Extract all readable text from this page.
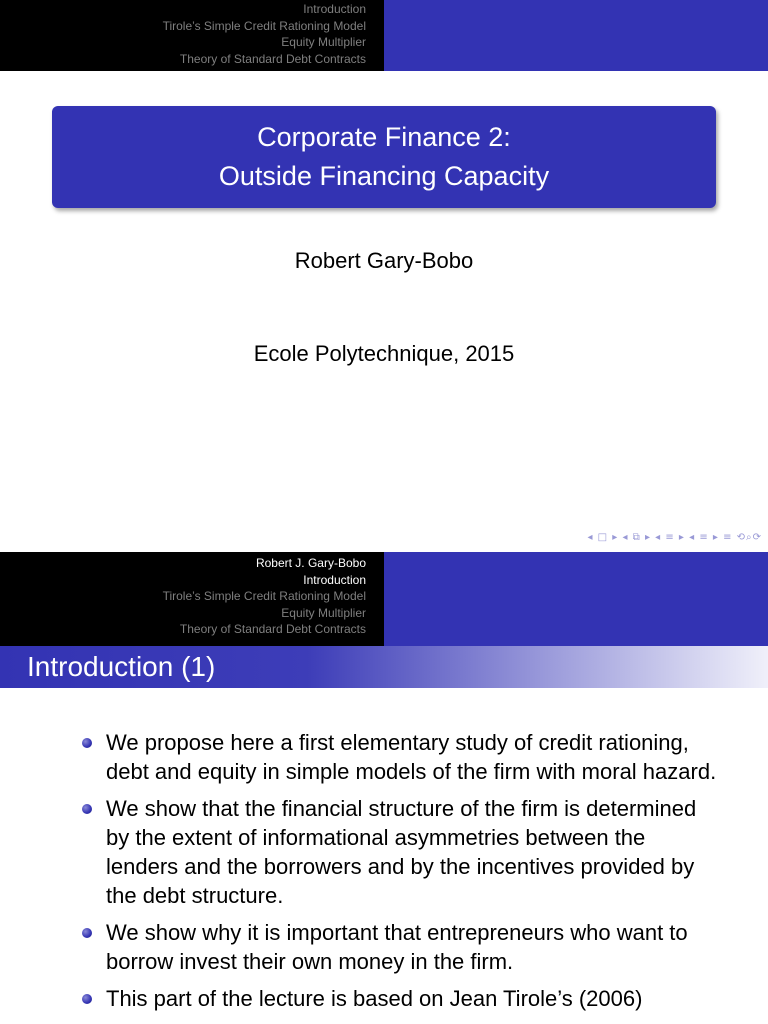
Introduction
Tirole’s Simple Credit Rationing Model
Equity Multiplier
Theory of Standard Debt Contracts
Corporate Finance 2:
Outside Financing Capacity
Robert Gary-Bobo
Ecole Polytechnique, 2015
◂ □ ▸ ◂ ⧉ ▸ ◂ ≡ ▸ ◂ ≡ ▸ ≡ ⟲⌕⟳
Robert J. Gary-Bobo
Introduction
Tirole’s Simple Credit Rationing Model
Equity Multiplier
Theory of Standard Debt Contracts
Introduction (1)
We propose here a first elementary study of credit rationing, debt and equity in simple models of the firm with moral hazard.
We show that the financial structure of the firm is determined by the extent of informational asymmetries between the lenders and the borrowers and by the incentives provided by the debt structure.
We show why it is important that entrepreneurs who want to borrow invest their own money in the firm.
This part of the lecture is based on Jean Tirole’s (2006)
